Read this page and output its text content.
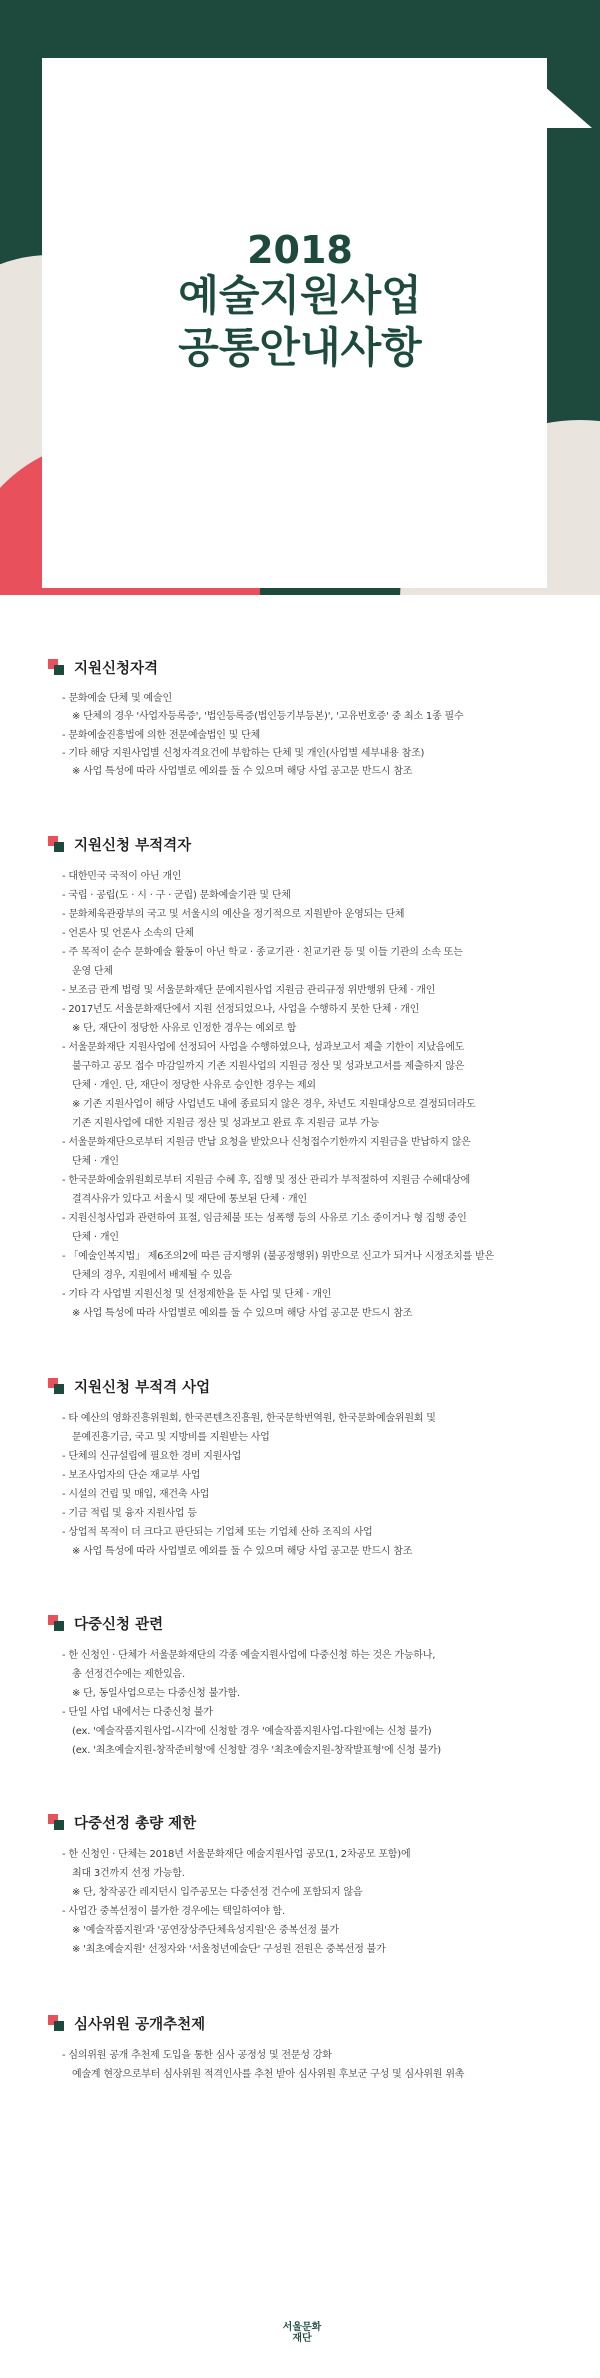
SEOUL FOUNDATION
FOR ARTS AND CULTURE
2018
예술지원사업
공통안내사항
지원신청자격
- 문화예술 단체 및 예술인
※ 단체의 경우 '사업자등록증', '법인등록증(법인등기부등본)', '고유번호증' 중 최소 1종 필수
- 문화예술진흥법에 의한 전문예술법인 및 단체
- 기타 해당 지원사업별 신청자격요건에 부합하는 단체 및 개인(사업별 세부내용 참조)
※ 사업 특성에 따라 사업별로 예외를 둘 수 있으며 해당 사업 공고문 반드시 참조
지원신청 부적격자
- 대한민국 국적이 아닌 개인
- 국립 · 공립(도 · 시 · 구 · 군립) 문화예술기관 및 단체
- 문화체육관광부의 국고 및 서울시의 예산을 정기적으로 지원받아 운영되는 단체
- 언론사 및 언론사 소속의 단체
- 주 목적이 순수 문화예술 활동이 아닌 학교 · 종교기관 · 친교기관 등 및 이들 기관의 소속 또는
운영 단체
- 보조금 관계 법령 및 서울문화재단 문예지원사업 지원금 관리규정 위반행위 단체 · 개인
- 2017년도 서울문화재단에서 지원 선정되었으나, 사업을 수행하지 못한 단체 · 개인
※ 단, 재단이 정당한 사유로 인정한 경우는 예외로 함
- 서울문화재단 지원사업에 선정되어 사업을 수행하였으나, 성과보고서 제출 기한이 지났음에도
불구하고 공모 접수 마감일까지 기존 지원사업의 지원금 정산 및 성과보고서를 제출하지 않은
단체 · 개인. 단, 재단이 정당한 사유로 승인한 경우는 제외
※ 기존 지원사업이 해당 사업년도 내에 종료되지 않은 경우, 차년도 지원대상으로 결정되더라도
기존 지원사업에 대한 지원금 정산 및 성과보고 완료 후 지원금 교부 가능
- 서울문화재단으로부터 지원금 반납 요청을 받았으나 신청접수기한까지 지원금을 반납하지 않은
단체 · 개인
- 한국문화예술위원회로부터 지원금 수혜 후, 집행 및 정산 관리가 부적절하여 지원금 수혜대상에
결격사유가 있다고 서울시 및 재단에 통보된 단체 · 개인
- 지원신청사업과 관련하여 표절, 임금체불 또는 성폭행 등의 사유로 기소 중이거나 형 집행 중인
단체 · 개인
- 「예술인복지법」 제6조의2에 따른 금지행위 (불공정행위) 위반으로 신고가 되거나 시정조치를 받은
단체의 경우, 지원에서 배제될 수 있음
- 기타 각 사업별 지원신청 및 선정제한을 둔 사업 및 단체 · 개인
※ 사업 특성에 따라 사업별로 예외를 둘 수 있으며 해당 사업 공고문 반드시 참조
지원신청 부적격 사업
- 타 예산의 영화진흥위원회, 한국콘텐츠진흥원, 한국문학번역원, 한국문화예술위원회 및
문예진흥기금, 국고 및 지방비를 지원받는 사업
- 단체의 신규설립에 필요한 경비 지원사업
- 보조사업자의 단순 재교부 사업
- 시설의 건립 및 매입, 재건축 사업
- 기금 적립 및 융자 지원사업 등
- 상업적 목적이 더 크다고 판단되는 기업체 또는 기업체 산하 조직의 사업
※ 사업 특성에 따라 사업별로 예외를 둘 수 있으며 해당 사업 공고문 반드시 참조
다중신청 관련
- 한 신청인 · 단체가 서울문화재단의 각종 예술지원사업에 다중신청 하는 것은 가능하나,
총 선정건수에는 제한있음.
※ 단, 동일사업으로는 다중신청 불가함.
- 단일 사업 내에서는 다중신청 불가
(ex. '예술작품지원사업-시각'에 신청할 경우 '예술작품지원사업-다원'에는 신청 불가)
(ex. '최초예술지원-창작준비형'에 신청할 경우 '최초예술지원-창작발표형'에 신청 불가)
다중선정 총량 제한
- 한 신청인 · 단체는 2018년 서울문화재단 예술지원사업 공모(1, 2차공모 포함)에
최대 3건까지 선정 가능함.
※ 단, 창작공간 레지던시 입주공모는 다중선정 건수에 포함되지 않음
- 사업간 중복선정이 불가한 경우에는 택일하여야 함.
※ '예술작품지원'과 '공연장상주단체육성지원'은 중복선정 불가
※ '최초예술지원' 선정자와 '서울청년예술단' 구성원 전원은 중복선정 불가
심사위원 공개추천제
- 심의위원 공개 추천제 도입을 통한 심사 공정성 및 전문성 강화
예술계 현장으로부터 심사위원 적격인사를 추천 받아 심사위원 후보군 구성 및 심사위원 위촉
서울문화
재단
